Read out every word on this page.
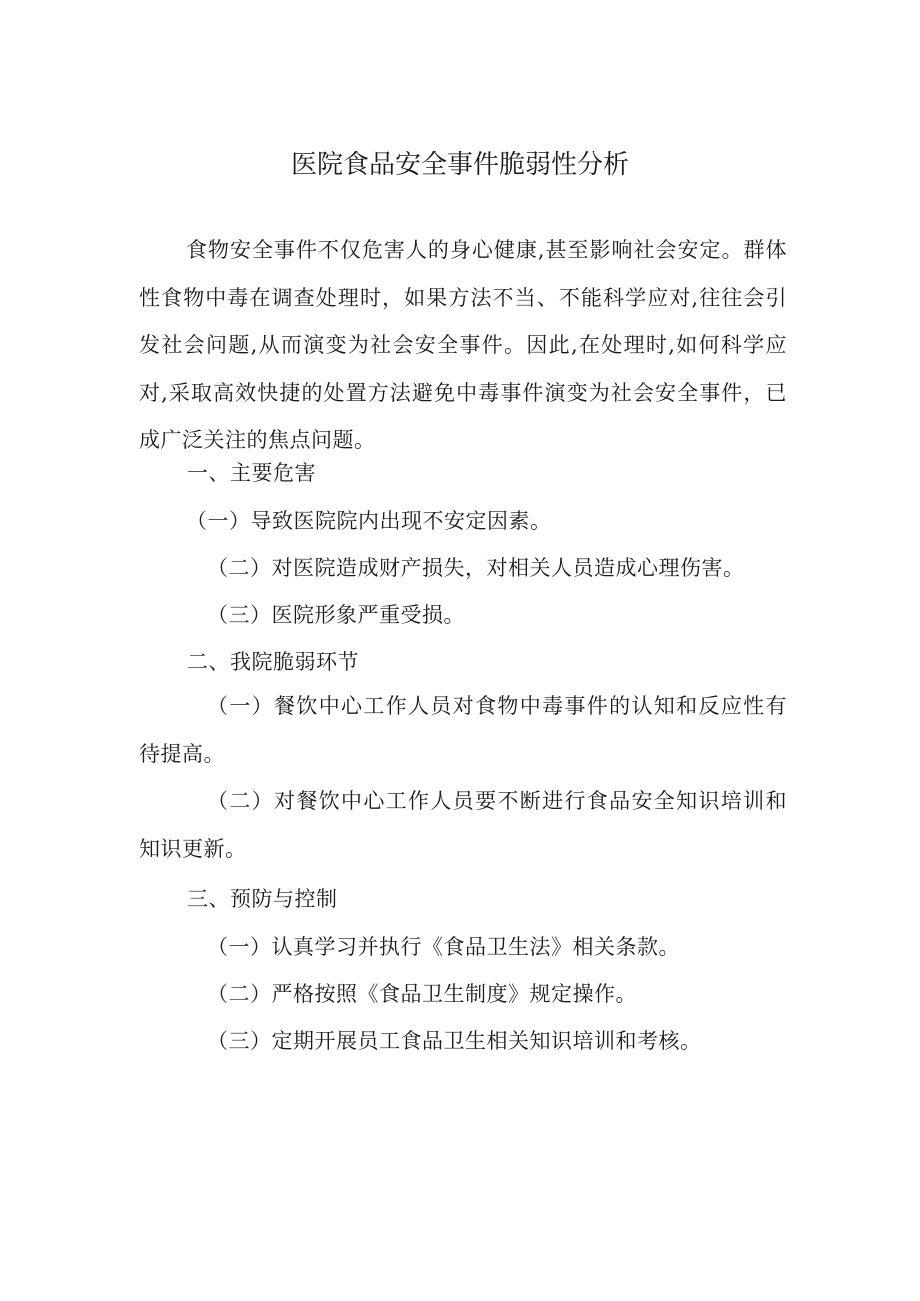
医院食品安全事件脆弱性分析

食物安全事件不仅危害人的身心健康,甚至影响社会安定。群体性食物中毒在调查处理时，如果方法不当、不能科学应对,往往会引发社会问题,从而演变为社会安全事件。因此,在处理时,如何科学应对,采取高效快捷的处置方法避免中毒事件演变为社会安全事件，已成广泛关注的焦点问题。

一、主要危害

（一）导致医院院内出现不安定因素。

（二）对医院造成财产损失，对相关人员造成心理伤害。

（三）医院形象严重受损。

二、我院脆弱环节

（一）餐饮中心工作人员对食物中毒事件的认知和反应性有待提高。

（二）对餐饮中心工作人员要不断进行食品安全知识培训和知识更新。

三、预防与控制

（一）认真学习并执行《食品卫生法》相关条款。

（二）严格按照《食品卫生制度》规定操作。

（三）定期开展员工食品卫生相关知识培训和考核。
